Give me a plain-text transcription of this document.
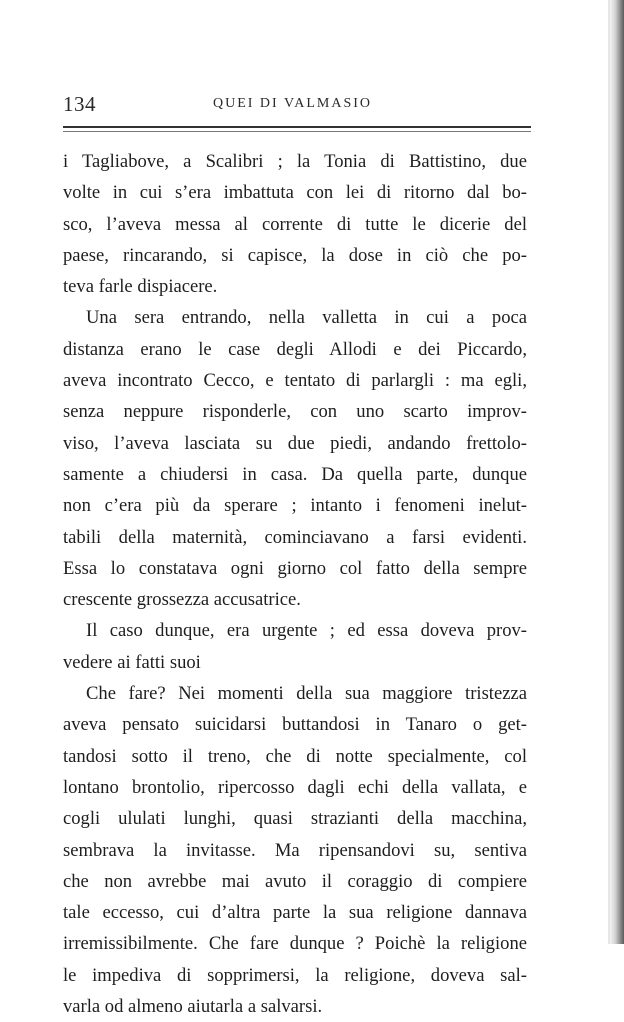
134	QUEI DI VALMASIO
i Tagliabove, a Scalibri ; la Tonia di Battistino, due
volte in cui s’era imbattuta con lei di ritorno dal bo-
sco, l’aveva messa al corrente di tutte le dicerie del
paese, rincarando, si capisce, la dose in ciò che po-
teva farle dispiacere.
Una sera entrando, nella valletta in cui a poca
distanza erano le case degli Allodi e dei Piccardo,
aveva incontrato Cecco, e tentato di parlargli : ma egli,
senza neppure risponderle, con uno scarto improv-
viso, l’aveva lasciata su due piedi, andando frettolo-
samente a chiudersi in casa. Da quella parte, dunque
non c’era più da sperare ; intanto i fenomeni inelut-
tabili della maternità, cominciavano a farsi evidenti.
Essa lo constatava ogni giorno col fatto della sempre
crescente grossezza accusatrice.
Il caso dunque, era urgente ; ed essa doveva prov-
vedere ai fatti suoi
Che fare? Nei momenti della sua maggiore tristezza
aveva pensato suicidarsi buttandosi in Tanaro o get-
tandosi sotto il treno, che di notte specialmente, col
lontano brontolio, ripercosso dagli echi della vallata, e
cogli ululati lunghi, quasi strazianti della macchina,
sembrava la invitasse. Ma ripensandovi su, sentiva
che non avrebbe mai avuto il coraggio di compiere
tale eccesso, cui d’altra parte la sua religione dannava
irremissibilmente. Che fare dunque ? Poichè la religione
le impediva di sopprimersi, la religione, doveva sal-
varla od almeno aiutarla a salvarsi.
